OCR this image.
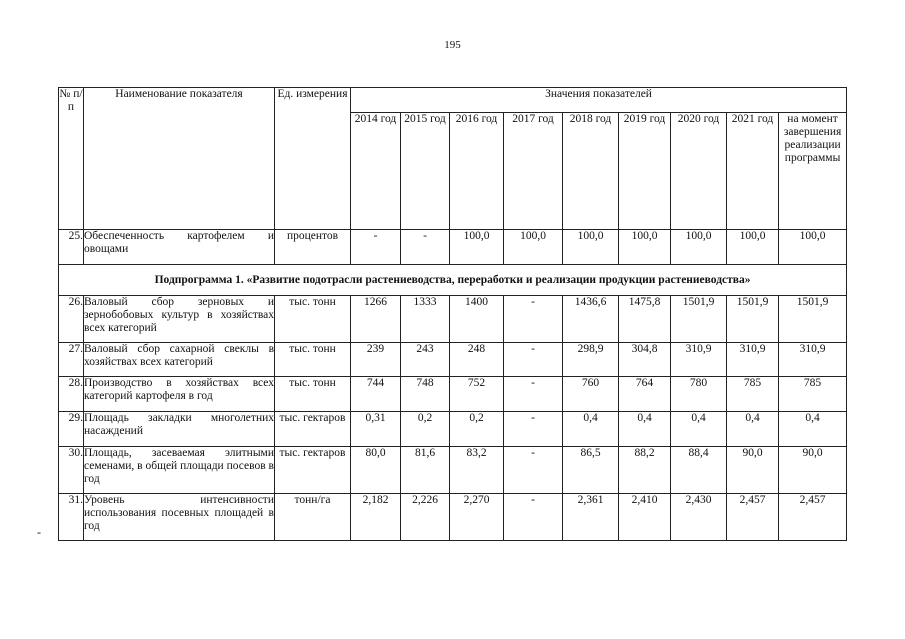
195
-
№ п/п	Наименование показателя	Ед. измерения	Значения показателей								
			2014 год	2015 год	2016 год	2017 год	2018 год	2019 год	2020 год	2021 год	на момент завершения реализации программы
25.	Обеспеченность картофелем и овощами	процентов	-	-	100,0	100,0	100,0	100,0	100,0	100,0	100,0
Подпрограмма 1. «Развитие подотрасли растениеводства, переработки и реализации продукции растениеводства»											
26.	Валовый сбор зерновых и зернобобовых культур в хозяйствах всех категорий	тыс. тонн	1266	1333	1400	-	1436,6	1475,8	1501,9	1501,9	1501,9
27.	Валовый сбор сахарной свеклы в хозяйствах всех категорий	тыс. тонн	239	243	248	-	298,9	304,8	310,9	310,9	310,9
28.	Производство в хозяйствах всех категорий картофеля в год	тыс. тонн	744	748	752	-	760	764	780	785	785
29.	Площадь закладки многолетних насаждений	тыс. гектаров	0,31	0,2	0,2	-	0,4	0,4	0,4	0,4	0,4
30.	Площадь, засеваемая элитными семенами, в общей площади посевов в год	тыс. гектаров	80,0	81,6	83,2	-	86,5	88,2	88,4	90,0	90,0
31.	Уровень интенсивности использования посевных площадей в год	тонн/га	2,182	2,226	2,270	-	2,361	2,410	2,430	2,457	2,457
